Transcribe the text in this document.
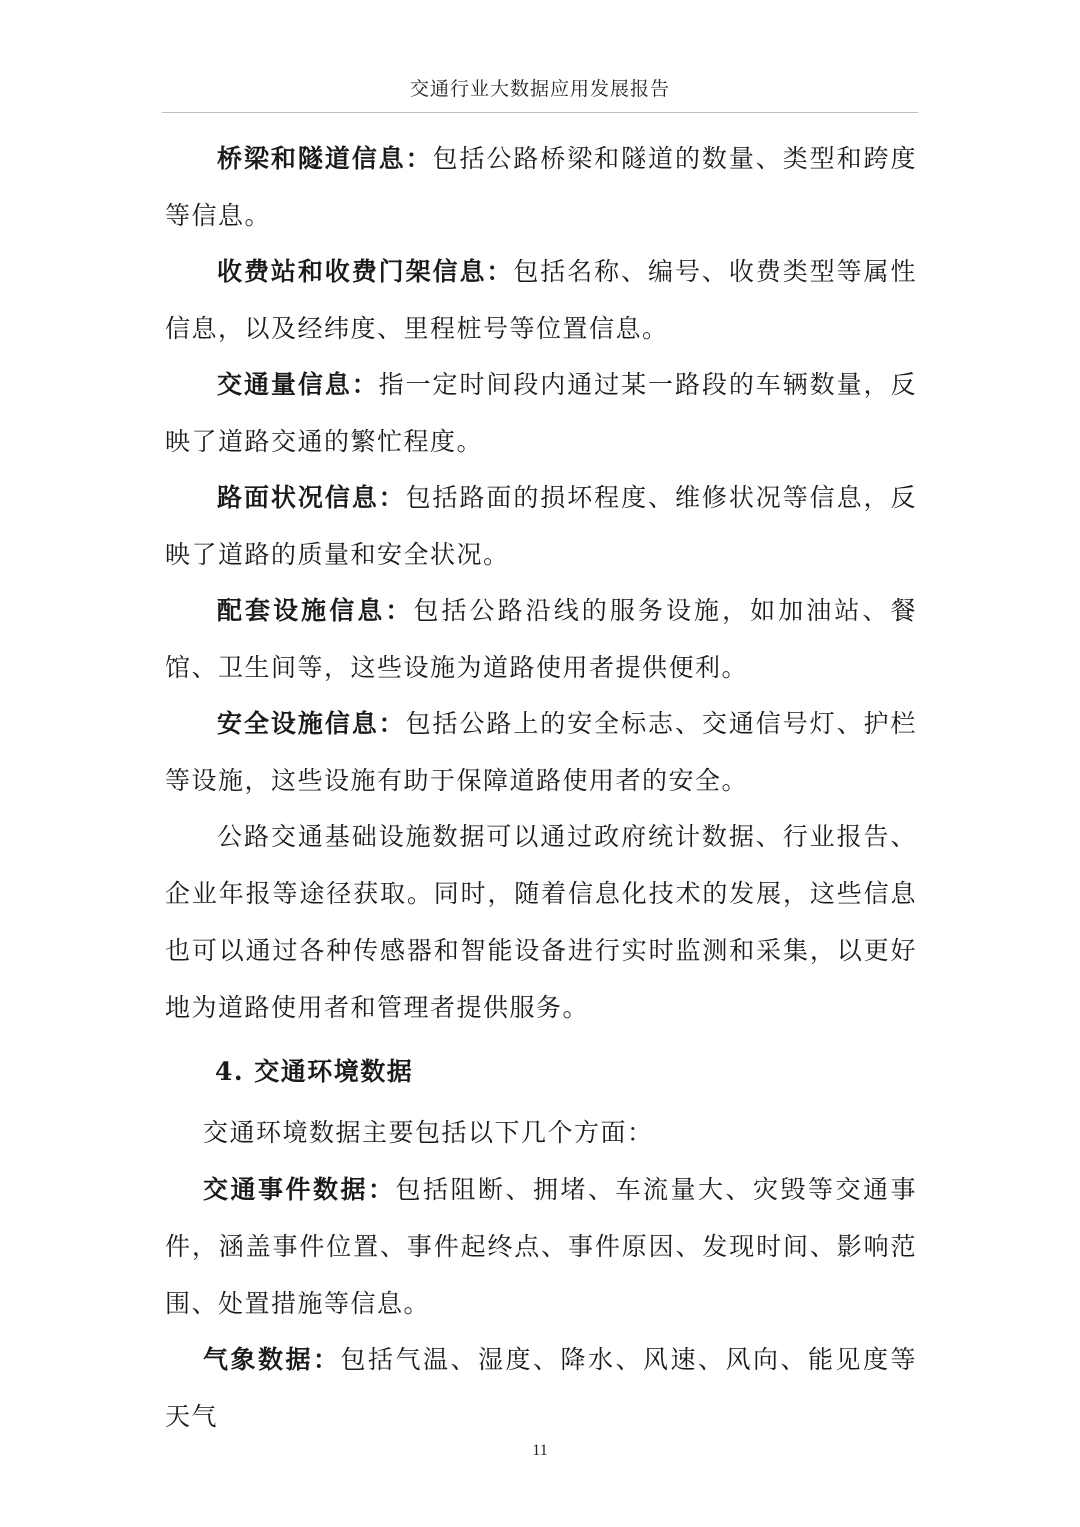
交通行业大数据应用发展报告

桥梁和隧道信息：包括公路桥梁和隧道的数量、类型和跨度等信息。

收费站和收费门架信息：包括名称、编号、收费类型等属性信息，以及经纬度、里程桩号等位置信息。

交通量信息：指一定时间段内通过某一路段的车辆数量，反映了道路交通的繁忙程度。

路面状况信息：包括路面的损坏程度、维修状况等信息，反映了道路的质量和安全状况。

配套设施信息：包括公路沿线的服务设施，如加油站、餐馆、卫生间等，这些设施为道路使用者提供便利。

安全设施信息：包括公路上的安全标志、交通信号灯、护栏等设施，这些设施有助于保障道路使用者的安全。

公路交通基础设施数据可以通过政府统计数据、行业报告、企业年报等途径获取。同时，随着信息化技术的发展，这些信息也可以通过各种传感器和智能设备进行实时监测和采集，以更好地为道路使用者和管理者提供服务。

4. 交通环境数据

交通环境数据主要包括以下几个方面：

交通事件数据：包括阻断、拥堵、车流量大、灾毁等交通事件，涵盖事件位置、事件起终点、事件原因、发现时间、影响范围、处置措施等信息。

气象数据：包括气温、湿度、降水、风速、风向、能见度等天气

11
